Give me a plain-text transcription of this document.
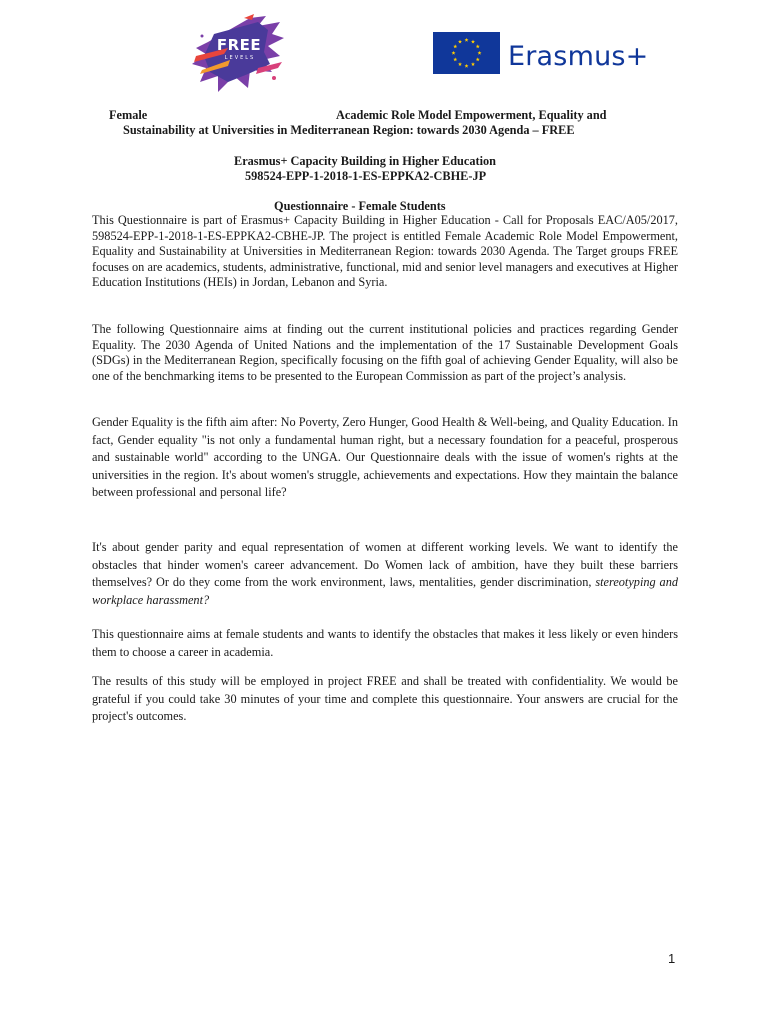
FREE
LEVELS	Erasmus+
Female	Academic Role Model Empowerment, Equality and
Sustainability at Universities in Mediterranean Region: towards 2030 Agenda – FREE
Erasmus+ Capacity Building in Higher Education
598524-EPP-1-2018-1-ES-EPPKA2-CBHE-JP
Questionnaire - Female Students
This Questionnaire is part of Erasmus+ Capacity Building in Higher Education - Call for Proposals EAC/A05/2017, 598524-EPP-1-2018-1-ES-EPPKA2-CBHE-JP. The project is entitled Female Academic Role Model Empowerment, Equality and Sustainability at Universities in Mediterranean Region: towards 2030 Agenda. The Target groups FREE focuses on are academics, students, administrative, functional, mid and senior level managers and executives at Higher Education Institutions (HEIs) in Jordan, Lebanon and Syria.
The following Questionnaire aims at finding out the current institutional policies and practices regarding Gender Equality. The 2030 Agenda of United Nations and the implementation of the 17 Sustainable Development Goals (SDGs) in the Mediterranean Region, specifically focusing on the fifth goal of achieving Gender Equality, will also be one of the benchmarking items to be presented to the European Commission as part of the project’s analysis.
Gender Equality is the fifth aim after: No Poverty, Zero Hunger, Good Health & Well-being, and Quality Education. In fact, Gender equality "is not only a fundamental human right, but a necessary foundation for a peaceful, prosperous and sustainable world" according to the UNGA. Our Questionnaire deals with the issue of women's rights at the universities in the region. It's about women's struggle, achievements and expectations. How they maintain the balance between professional and personal life?
It's about gender parity and equal representation of women at different working levels. We want to identify the obstacles that hinder women's career advancement. Do Women lack of ambition, have they built these barriers themselves? Or do they come from the work environment, laws, mentalities, gender discrimination, stereotyping and workplace harassment?
This questionnaire aims at female students and wants to identify the obstacles that makes it less likely or even hinders them to choose a career in academia.
The results of this study will be employed in project FREE and shall be treated with confidentiality. We would be grateful if you could take 30 minutes of your time and complete this questionnaire. Your answers are crucial for the project's outcomes.
1
